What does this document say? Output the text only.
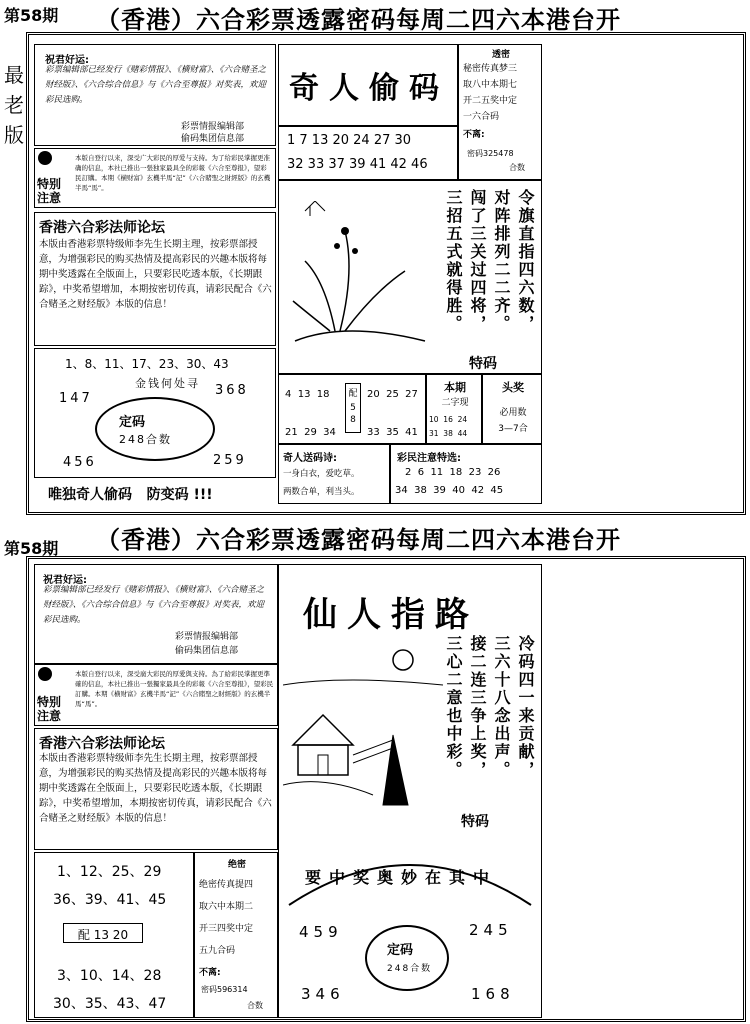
第58期 （香港）六合彩票透露密码每周二四六本港台开
最
老
版
祝君好运:
彩票编辑部已经发行《赌彩情报》、《横财富》、《六合赌圣之财经版》、《六合综合信息》与《六合至尊报》对奖表，欢迎彩民选购。
彩票情报编辑部
偷码集团信息部
特别注意
本版自登行以来，深受广大彩民的厚爱与支持。为了给彩民掌握更准确的信息，本社已推出一張独家最具全的彩報《六合至尊报》，望彩民訂購。本期《横财富》玄機半馬“記”《六合賭聖之財經版》的玄機半馬“馬”。
香港六合彩法师论坛
本版由香港彩票特级师李先生长期主理，按彩票部授意，为增强彩民的购买热情及提高彩民的兴趣本版将每期中奖透露在全版面上，只要彩民吃透本版，《长期跟踪》，中奖希望增加，本期按密切传真，请彩民配合《六合赌圣之财经版》本版的信息！
1、8、11、17、23、30、43
金钱何处寻
147
368
定码
248合数
456	259
唯独奇人偷码   防变码 !!!
奇人偷码
1 7 13 20 24 27 30
32 33 37 39 41 42 46
透密
秘密传真梦三
取八中本期七
开二五奖中定
一六合码
不离:
密码325478
合数
令旗直指四六数，
对阵排列二二齐。
闯了三关过四将，
三招五式就得胜。
特码
4  13  18
21  29  34
配
5 8
20  25  27
33  35  41
本期
二字现
10  16  24
31  38  44
头奖
必用数
3—7合
奇人送码诗:
一身白衣，爱吃草。
两数合单，利当头。
彩民注意特选:
2  6  11  18  23  26
34  38  39  40  42  45
第58期 （香港）六合彩票透露密码每周二四六本港台开
祝君好运:
彩票编辑部已经发行《赌彩情报》、《横财富》、《六合赌圣之财经版》、《六合综合信息》与《六合至尊报》对奖表，欢迎彩民选购。
彩票情报编辑部
偷码集团信息部
特别注意
本版自登行以来，深受廣大彩民的厚愛與支持。為了給彩民掌握更準確的信息，本社已推出一張獨家最具全的彩報《六合至尊报》，望彩民訂購。本期《横财富》玄機半馬“記”《六合賭聖之財經版》的玄機半馬“馬”。
香港六合彩法师论坛
本版由香港彩票特级师李先生长期主理，按彩票部授意，为增强彩民的购买热情及提高彩民的兴趣本版将每期中奖透露在全版面上，只要彩民吃透本版，《长期跟踪》，中奖希望增加，本期按密切传真，请彩民配合《六合赌圣之财经版》本版的信息！
1、12、25、29
36、39、41、45
配 13 20
3、10、14、28
30、35、43、47
绝密
绝密传真提四
取六中本期二
开三四奖中定
五九合码
不离:
密码596314
合数
仙人指路
冷码四一来贡献，
三六十八念出声。
接二连三争上奖，
三心二意也中彩。
特码
要中奖奥妙在其中
459	245
定码
248合数
346	168
